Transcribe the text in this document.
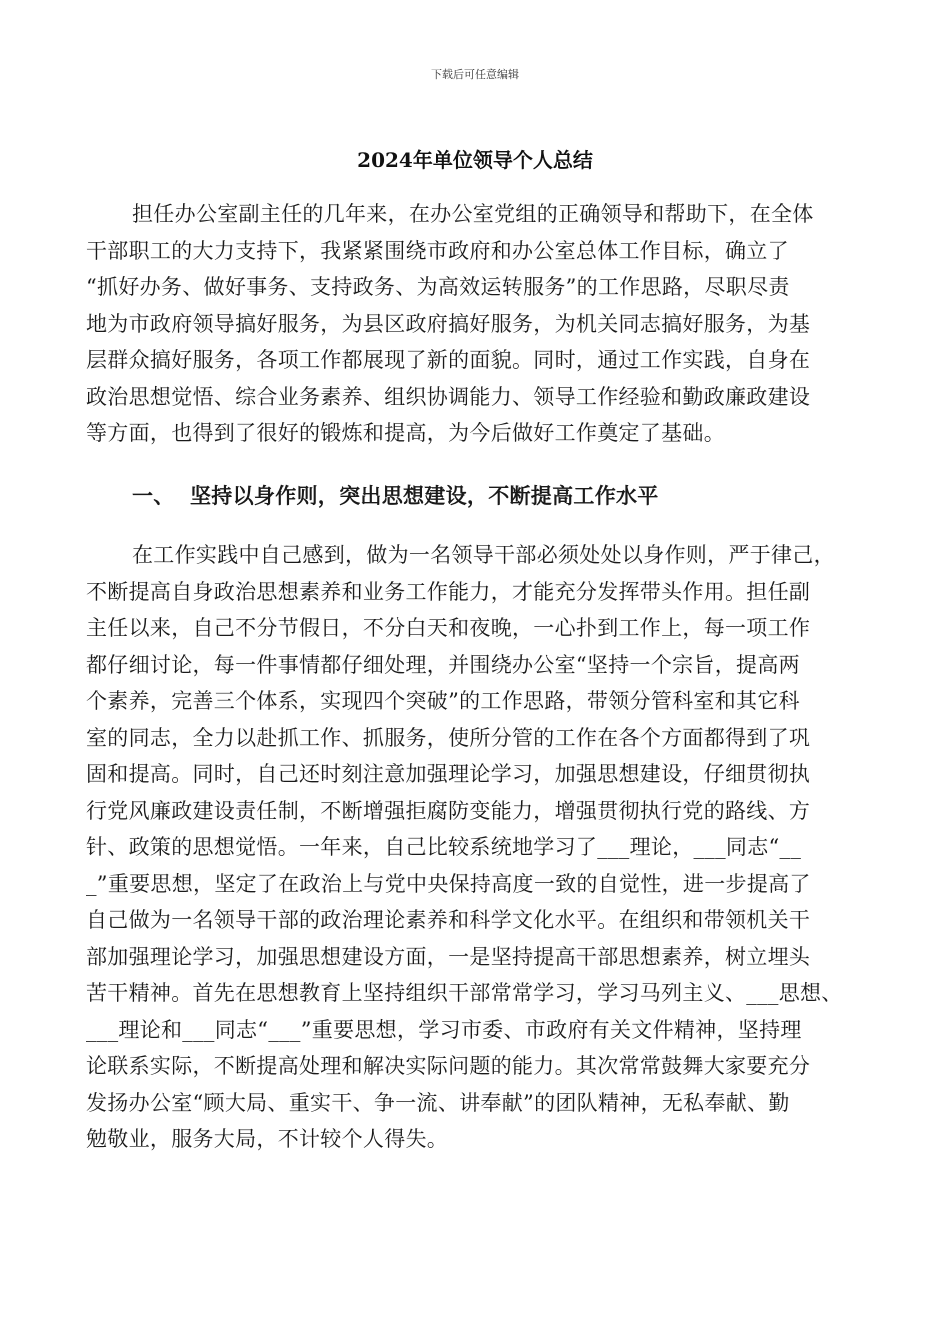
下载后可任意编辑
2024年单位领导个人总结
担任办公室副主任的几年来，在办公室党组的正确领导和帮助下，在全体
干部职工的大力支持下，我紧紧围绕市政府和办公室总体工作目标，确立了
“抓好办务、做好事务、支持政务、为高效运转服务”的工作思路，尽职尽责
地为市政府领导搞好服务，为县区政府搞好服务，为机关同志搞好服务，为基
层群众搞好服务，各项工作都展现了新的面貌。同时，通过工作实践，自身在
政治思想觉悟、综合业务素养、组织协调能力、领导工作经验和勤政廉政建设
等方面，也得到了很好的锻炼和提高，为今后做好工作奠定了基础。
一、 坚持以身作则，突出思想建设，不断提高工作水平
在工作实践中自己感到，做为一名领导干部必须处处以身作则，严于律己，
不断提高自身政治思想素养和业务工作能力，才能充分发挥带头作用。担任副
主任以来，自己不分节假日，不分白天和夜晚，一心扑到工作上，每一项工作
都仔细讨论，每一件事情都仔细处理，并围绕办公室“坚持一个宗旨，提高两
个素养，完善三个体系，实现四个突破”的工作思路，带领分管科室和其它科
室的同志，全力以赴抓工作、抓服务，使所分管的工作在各个方面都得到了巩
固和提高。同时，自己还时刻注意加强理论学习，加强思想建设，仔细贯彻执
行党风廉政建设责任制，不断增强拒腐防变能力，增强贯彻执行党的路线、方
针、政策的思想觉悟。一年来，自己比较系统地学习了___理论，___同志“__
_”重要思想，坚定了在政治上与党中央保持高度一致的自觉性，进一步提高了
自己做为一名领导干部的政治理论素养和科学文化水平。在组织和带领机关干
部加强理论学习，加强思想建设方面，一是坚持提高干部思想素养，树立埋头
苦干精神。首先在思想教育上坚持组织干部常常学习，学习马列主义、___思想、
___理论和___同志“___”重要思想，学习市委、市政府有关文件精神，坚持理
论联系实际，不断提高处理和解决实际问题的能力。其次常常鼓舞大家要充分
发扬办公室“顾大局、重实干、争一流、讲奉献”的团队精神，无私奉献、勤
勉敬业，服务大局，不计较个人得失。
